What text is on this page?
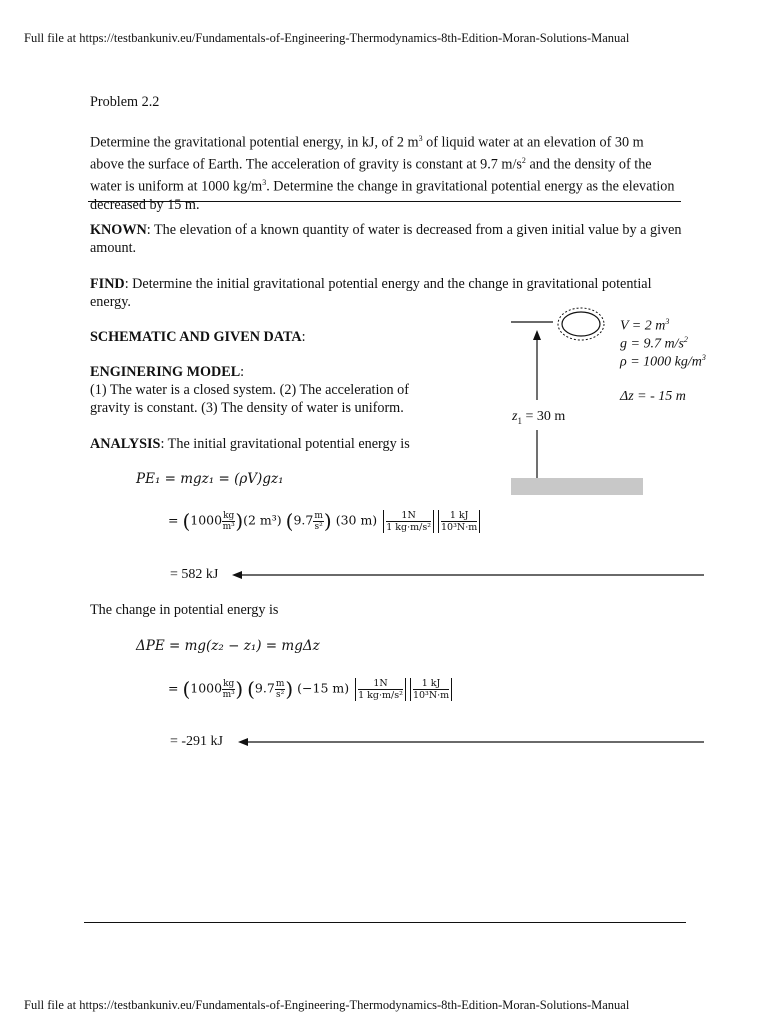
Full file at https://testbankuniv.eu/Fundamentals-of-Engineering-Thermodynamics-8th-Edition-Moran-Solutions-Manual
Problem 2.2
Determine the gravitational potential energy, in kJ, of 2 $m^3$ of liquid water at an elevation of 30 m above the surface of Earth. The acceleration of gravity is constant at 9.7 $m/s^2$ and the density of the water is uniform at 1000 $kg/m^3$. Determine the change in gravitational potential energy as the elevation decreased by 15 m.
KNOWN: The elevation of a known quantity of water is decreased from a given initial value by a given amount.
FIND: Determine the initial gravitational potential energy and the change in gravitational potential energy.
SCHEMATIC AND GIVEN DATA:
ENGINERING MODEL:
(1) The water is a closed system. (2) The acceleration of gravity is constant. (3) The density of water is uniform.
ANALYSIS: The initial gravitational potential energy is
V = 2 $m^3$
g = 9.7 $m/s^2$
ρ = 1000 $kg/m^3$
Δz = - 15 m
$z_1 = 30$ m
PE₁ = mgz₁ = (ρV)gz₁
= $(1000 \frac{kg}{\text{m³}} )(2$ m³) ($9.7 \frac{m}{\text{s²}}$ ) (30 $m) \frac{1N}{\text{1 kg·m/s²}} \frac{1 kJ}{\text{10³N·m}}$
= 582 kJ
The change in potential energy is
ΔPE = mg(z₂ − z₁) = mgΔz
= ($1000 \frac{kg}{\text{m³}}$ ) ($9.7 \frac{m}{\text{s²}}$ ) (−15 $m) \frac{1N}{\text{1 kg·m/s²}} \frac{1 kJ}{\text{10³N·m}}$
= -291 kJ
Full file at https://testbankuniv.eu/Fundamentals-of-Engineering-Thermodynamics-8th-Edition-Moran-Solutions-Manual
